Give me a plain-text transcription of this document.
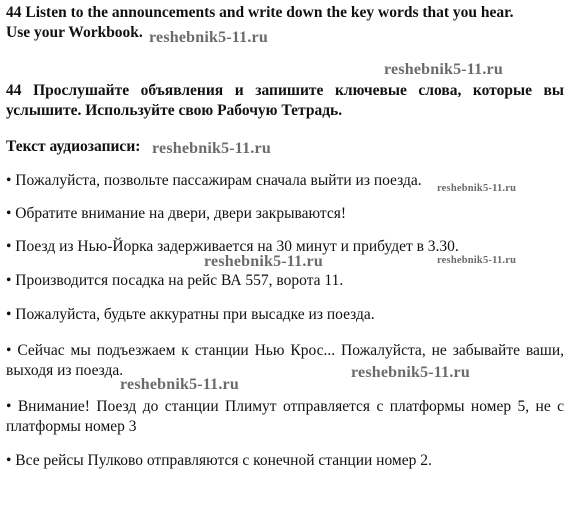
44 Listen to the announcements and write down the key words that you hear.
Use your Workbook.
44 Прослушайте объявления и запишите ключевые слова, которые вы услышите. Используйте свою Рабочую Тетрадь.
Текст аудиозаписи:
• Пожалуйста, позвольте пассажирам сначала выйти из поезда.
• Обратите внимание на двери, двери закрываются!
• Поезд из Нью-Йорка задерживается на 30 минут и прибудет в 3.30.
• Производится посадка на рейс ВА 557, ворота 11.
• Пожалуйста, будьте аккуратны при высадке из поезда.
• Сейчас мы подъезжаем к станции Нью Крос... Пожалуйста, не забывайте ваши, выходя из поезда.
• Внимание! Поезд до станции Плимут отправляется с платформы номер 5, не с платформы номер 3
• Все рейсы Пулково отправляются с конечной станции номер 2.
reshebnik5-11.ru
reshebnik5-11.ru
reshebnik5-11.ru
reshebnik5-11.ru
reshebnik5-11.ru	reshebnik5-11.ru
reshebnik5-11.ru
reshebnik5-11.ru
